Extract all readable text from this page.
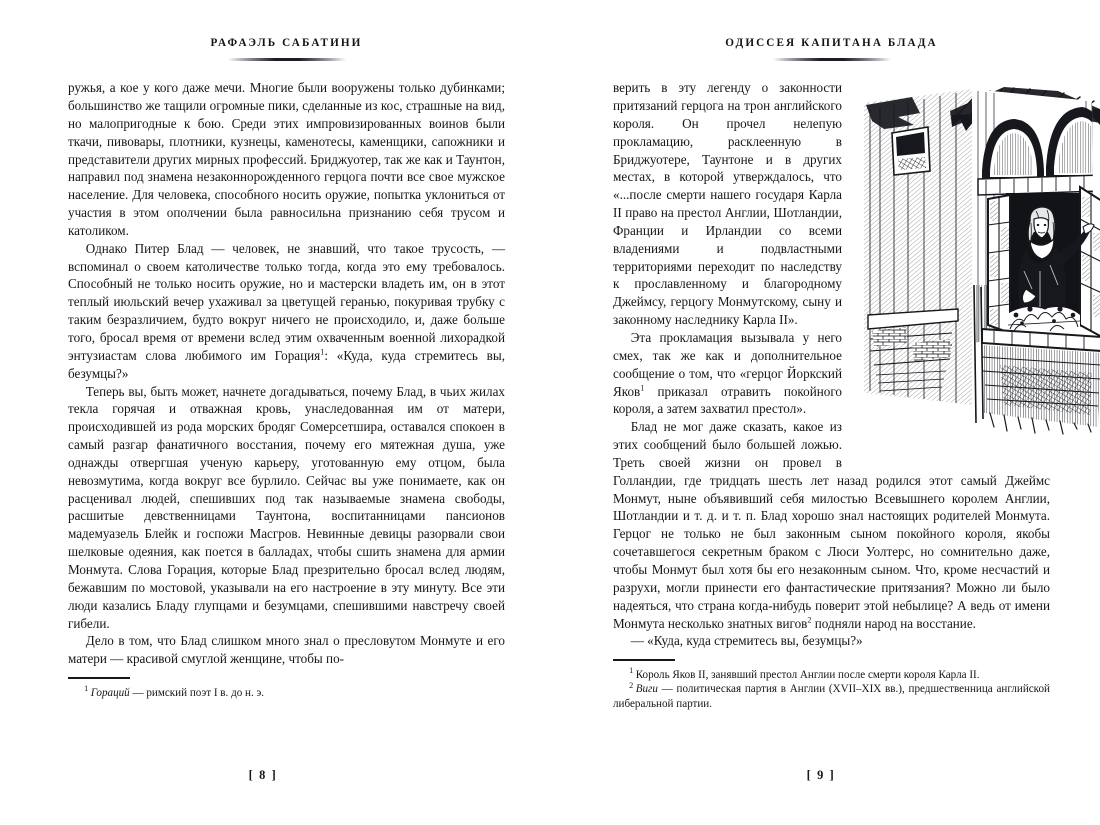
РАФАЭЛЬ САБАТИНИ

ружья, а кое у кого даже мечи. Многие были вооружены только дубинками; большинство же тащили огромные пики, сделанные из кос, страшные на вид, но малопригодные к бою. Среди этих импровизированных воинов были ткачи, пивовары, плотники, кузнецы, каменотесы, каменщики, сапожники и представители других мирных профессий. Бриджуотер, так же как и Таунтон, направил под знамена незаконнорожденного герцога почти все свое мужское население. Для человека, способного носить оружие, попытка уклониться от участия в этом ополчении была равносильна признанию себя трусом и католиком.

Однако Питер Блад — человек, не знавший, что такое трусость, — вспоминал о своем католичестве только тогда, когда это ему требовалось. Способный не только носить оружие, но и мастерски владеть им, он в этот теплый июльский вечер ухаживал за цветущей геранью, покуривая трубку с таким безразличием, будто вокруг ничего не происходило, и, даже больше того, бросал время от времени вслед этим охваченным военной лихорадкой энтузиастам слова любимого им Горация$^1$: «Куда, куда стремитесь вы, безумцы?»

Теперь вы, быть может, начнете догадываться, почему Блад, в чьих жилах текла горячая и отважная кровь, унаследованная им от матери, происходившей из рода морских бродяг Сомерсетшира, оставался спокоен в самый разгар фанатичного восстания, почему его мятежная душа, уже однажды отвергшая ученую карьеру, уготованную ему отцом, была невозмутима, когда вокруг все бурлило. Сейчас вы уже понимаете, как он расценивал людей, спешивших под так называемые знамена свободы, расшитые девственницами Таунтона, воспитанницами пансионов мадемуазель Блейк и госпожи Масгров. Невинные девицы разорвали свои шелковые одеяния, как поется в балладах, чтобы сшить знамена для армии Монмута. Слова Горация, которые Блад презрительно бросал вслед людям, бежавшим по мостовой, указывали на его настроение в эту минуту. Все эти люди казались Бладу глупцами и безумцами, спешившими навстречу своей гибели.

Дело в том, что Блад слишком много знал о пресловутом Монмуте и его матери — красивой смуглой женщине, чтобы по-

$^1$ Гораций — римский поэт I в. до н. э.

[ 8 ]
ОДИССЕЯ КАПИТАНА БЛАДА

верить в эту легенду о законности притязаний герцога на трон английского короля. Он прочел нелепую прокламацию, расклеенную в Бриджуотере, Таунтоне и в других местах, в которой утверждалось, что «...после смерти нашего государя Карла II право на престол Англии, Шотландии, Франции и Ирландии со всеми владениями и подвластными территориями переходит по наследству к прославленному и благородному Джеймсу, герцогу Монмутскому, сыну и законному наследнику Карла II».

Эта прокламация вызывала у него смех, так же как и дополнительное сообщение о том, что «герцог Йоркский Яков$^1$ приказал отравить покойного короля, а затем захватил престол».

Блад не мог даже сказать, какое из этих сообщений было большей ложью. Треть своей жизни он провел в Голландии, где тридцать шесть лет назад родился этот самый Джеймс Монмут, ныне объявивший себя милостью Всевышнего королем Англии, Шотландии и т. д. и т. п. Блад хорошо знал настоящих родителей Монмута. Герцог не только не был законным сыном покойного короля, якобы сочетавшегося секретным браком с Люси Уолтерс, но сомнительно даже, чтобы Монмут был хотя бы его незаконным сыном. Что, кроме несчастий и разрухи, могли принести его фантастические притязания? Можно ли было надеяться, что страна когда-нибудь поверит этой небылице? А ведь от имени Монмута несколько знатных вигов$^2$ подняли народ на восстание.

— «Куда, куда стремитесь вы, безумцы?»

$^1$ Король Яков II, занявший престол Англии после смерти короля Карла II.

$^2$ Виги — политическая партия в Англии (XVII–XIX вв.), предшественница английской либеральной партии.

[ 9 ]
